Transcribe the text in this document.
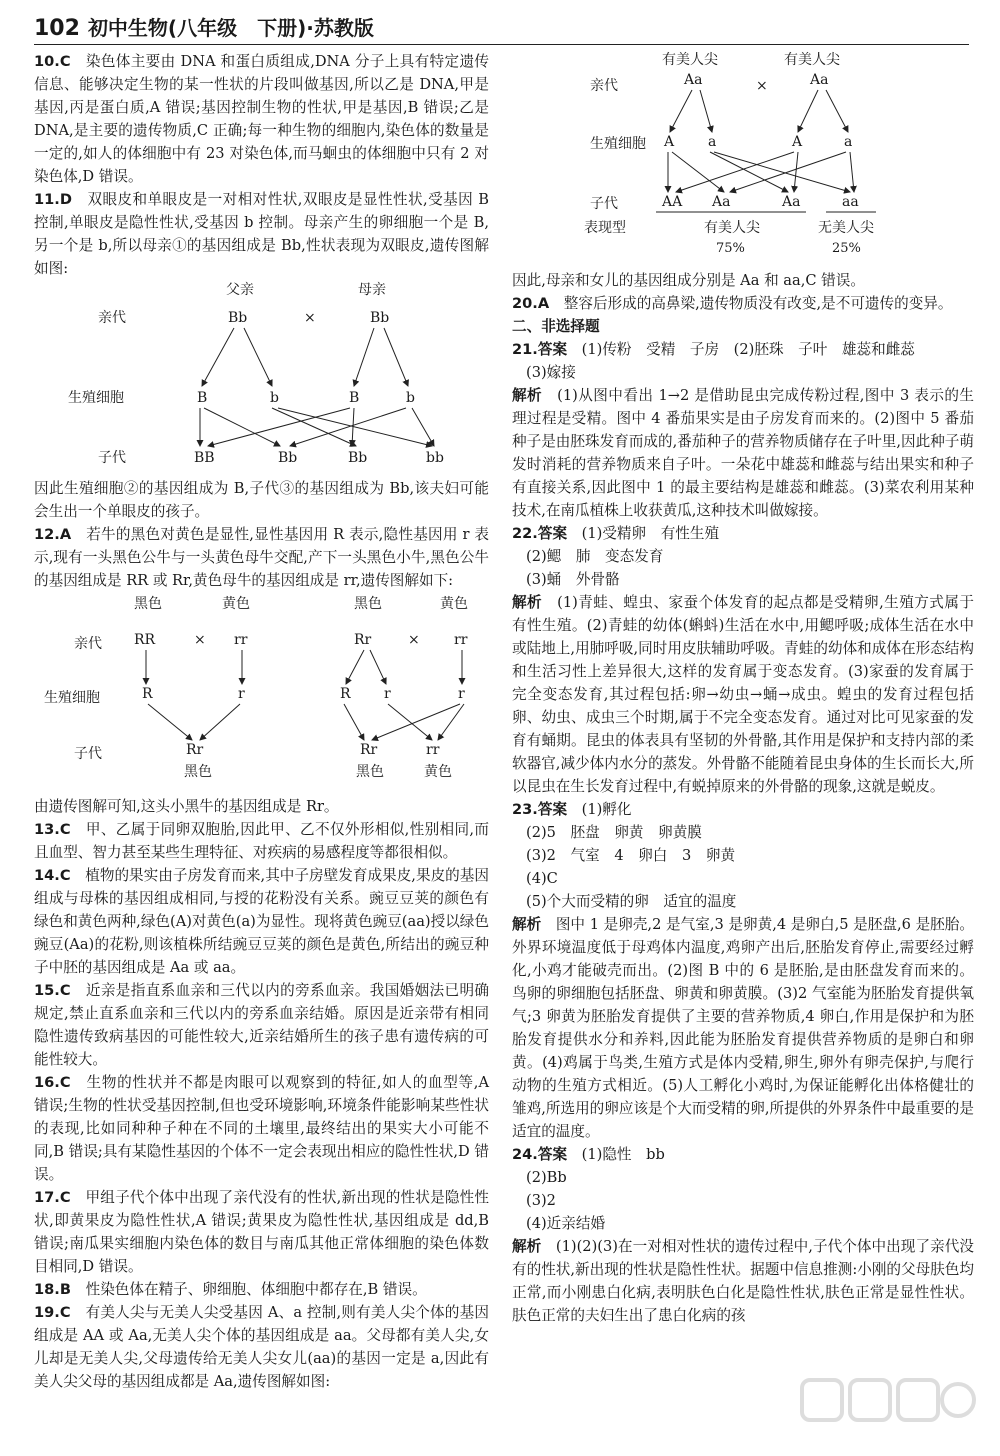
102 初中生物(八年级　下册)·苏教版

10.C　 染色体主要由 DNA 和蛋白质组成,DNA 分子上具有特定遗传信息、能够决定生物的某一性状的片段叫做基因,所以乙是 DNA,甲是基因,丙是蛋白质,A 错误;基因控制生物的性状,甲是基因,B 错误;乙是 DNA,是主要的遗传物质,C 正确;每一种生物的细胞内,染色体的数量是一定的,如人的体细胞中有 23 对染色体,而马蛔虫的体细胞中只有 2 对染色体,D 错误。

11.D　 双眼皮和单眼皮是一对相对性状,双眼皮是显性性状,受基因 B 控制,单眼皮是隐性性状,受基因 b 控制。母亲产生的卵细胞一个是 B,另一个是 b,所以母亲①的基因组成是 Bb,性状表现为双眼皮,遗传图解如图:

父亲	母亲
亲代	Bb	×	Bb
生殖细胞	B	b	B	b
子代	BB	Bb	Bb	bb

因此生殖细胞②的基因组成为 B,子代③的基因组成为 Bb,该夫妇可能会生出一个单眼皮的孩子。

12.A　 若牛的黑色对黄色是显性,显性基因用 R 表示,隐性基因用 r 表示,现有一头黑色公牛与一头黄色母牛交配,产下一头黑色小牛,黑色公牛的基因组成是 RR 或 Rr,黄色母牛的基因组成是 rr,遗传图解如下:

黑色	黄色	黑色	黄色
亲代 RR	× rr	Rr	× rr
生殖细胞	R	r	R r	r
子代	Rr
黑色
Rr	rr
黑色	黄色

由遗传图解可知,这头小黑牛的基因组成是 Rr。

13.C　 甲、乙属于同卵双胞胎,因此甲、乙不仅外形相似,性别相同,而且血型、智力甚至某些生理特征、对疾病的易感程度等都很相似。

14.C　 植物的果实由子房发育而来,其中子房壁发育成果皮,果皮的基因组成与母株的基因组成相同,与授的花粉没有关系。豌豆豆荚的颜色有绿色和黄色两种,绿色(A)对黄色(a)为显性。现将黄色豌豆(aa)授以绿色豌豆(Aa)的花粉,则该植株所结豌豆豆荚的颜色是黄色,所结出的豌豆种子中胚的基因组成是 Aa 或 aa。

15.C　 近亲是指直系血亲和三代以内的旁系血亲。我国婚姻法已明确规定,禁止直系血亲和三代以内的旁系血亲结婚。原因是近亲带有相同隐性遗传致病基因的可能性较大,近亲结婚所生的孩子患有遗传病的可能性较大。

16.C　 生物的性状并不都是肉眼可以观察到的特征,如人的血型等,A 错误;生物的性状受基因控制,但也受环境影响,环境条件能影响某些性状的表现,比如同种种子种在不同的土壤里,最终结出的果实大小可能不同,B 错误;具有某隐性基因的个体不一定会表现出相应的隐性性状,D 错误。

17.C　 甲组子代个体中出现了亲代没有的性状,新出现的性状是隐性性状,即黄果皮为隐性性状,A 错误;黄果皮为隐性性状,基因组成是 dd,B 错误;南瓜果实细胞内染色体的数目与南瓜其他正常体细胞的染色体数目相同,D 错误。

18.B　 性染色体在精子、卵细胞、体细胞中都存在,B 错误。

19.C　 有美人尖与无美人尖受基因 A、a 控制,则有美人尖个体的基因组成是 AA 或 Aa,无美人尖个体的基因组成是 aa。父母都有美人尖,女儿却是无美人尖,父母遗传给无美人尖女儿(aa)的基因一定是 a,因此有美人尖父母的基因组成都是 Aa,遗传图解如图:

有美人尖	有美人尖
亲代	Aa	×	Aa
生殖细胞 A a	A	a
子代	AA Aa	Aa	aa
表现型	有美人尖
75%
无美人尖
25%

因此,母亲和女儿的基因组成分别是 Aa 和 aa,C 错误。

20.A　 整容后形成的高鼻梁,遗传物质没有改变,是不可遗传的变异。

二、非选择题

21.答案　 (1)传粉　受精　子房　(2)胚珠　子叶　雄蕊和雌蕊

(3)嫁接

解析　 (1)从图中看出 1→2 是借助昆虫完成传粉过程,图中 3 表示的生理过程是受精。图中 4 番茄果实是由子房发育而来的。(2)图中 5 番茄种子是由胚珠发育而成的,番茄种子的营养物质储存在子叶里,因此种子萌发时消耗的营养物质来自子叶。一朵花中雄蕊和雌蕊与结出果实和种子有直接关系,因此图中 1 的最主要结构是雄蕊和雌蕊。(3)菜农利用某种技术,在南瓜植株上收获黄瓜,这种技术叫做嫁接。

22.答案　 (1)受精卵　有性生殖

(2)鳃　肺　变态发育

(3)蛹　外骨骼

解析　 (1)青蛙、蝗虫、家蚕个体发育的起点都是受精卵,生殖方式属于有性生殖。(2)青蛙的幼体(蝌蚪)生活在水中,用鳃呼吸;成体生活在水中或陆地上,用肺呼吸,同时用皮肤辅助呼吸。青蛙的幼体和成体在形态结构和生活习性上差异很大,这样的发育属于变态发育。(3)家蚕的发育属于完全变态发育,其过程包括:卵→幼虫→蛹→成虫。蝗虫的发育过程包括卵、幼虫、成虫三个时期,属于不完全变态发育。通过对比可见家蚕的发育有蛹期。昆虫的体表具有坚韧的外骨骼,其作用是保护和支持内部的柔软器官,减少体内水分的蒸发。外骨骼不能随着昆虫身体的生长而长大,所以昆虫在生长发育过程中,有蜕掉原来的外骨骼的现象,这就是蜕皮。

23.答案　 (1)孵化

(2)5　胚盘　卵黄　卵黄膜

(3)2　气室　4　卵白　3　卵黄

(4)C

(5)个大而受精的卵　适宜的温度

解析　 图中 1 是卵壳,2 是气室,3 是卵黄,4 是卵白,5 是胚盘,6 是胚胎。外界环境温度低于母鸡体内温度,鸡卵产出后,胚胎发育停止,需要经过孵化,小鸡才能破壳而出。(2)图 B 中的 6 是胚胎,是由胚盘发育而来的。鸟卵的卵细胞包括胚盘、卵黄和卵黄膜。(3)2 气室能为胚胎发育提供氧气;3 卵黄为胚胎发育提供了主要的营养物质,4 卵白,作用是保护和为胚胎发育提供水分和养料,因此能为胚胎发育提供营养物质的是卵白和卵黄。(4)鸡属于鸟类,生殖方式是体内受精,卵生,卵外有卵壳保护,与爬行动物的生殖方式相近。(5)人工孵化小鸡时,为保证能孵化出体格健壮的雏鸡,所选用的卵应该是个大而受精的卵,所提供的外界条件中最重要的是适宜的温度。

24.答案　 (1)隐性　bb

(2)Bb

(3)2

(4)近亲结婚

解析　 (1)(2)(3)在一对相对性状的遗传过程中,子代个体中出现了亲代没有的性状,新出现的性状是隐性性状。据题中信息推测:小刚的父母肤色均正常,而小刚患白化病,表明肤色白化是隐性性状,肤色正常是显性性状。肤色正常的夫妇生出了患白化病的孩
